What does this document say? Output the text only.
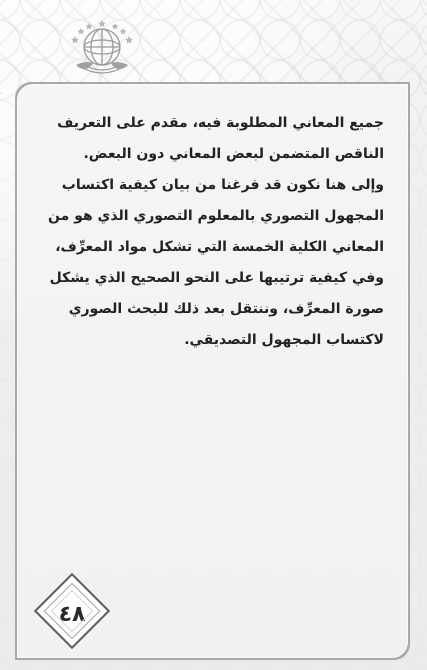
جميع المعاني المطلوبة فيه، مقدم على التعريف الناقص المتضمن لبعض المعاني دون البعض.

وإلى هنا نكون قد فرغنا من بيان كيفية اكتساب المجهول التصوري بالمعلوم التصوري الذي هو من المعاني الكلية الخمسة التي تشكل مواد المعرِّف، وفي كيفية ترتيبها على النحو الصحيح الذي يشكل صورة المعرِّف، وننتقل بعد ذلك للبحث الصوري لاكتساب المجهول التصديقي.

٤٨
